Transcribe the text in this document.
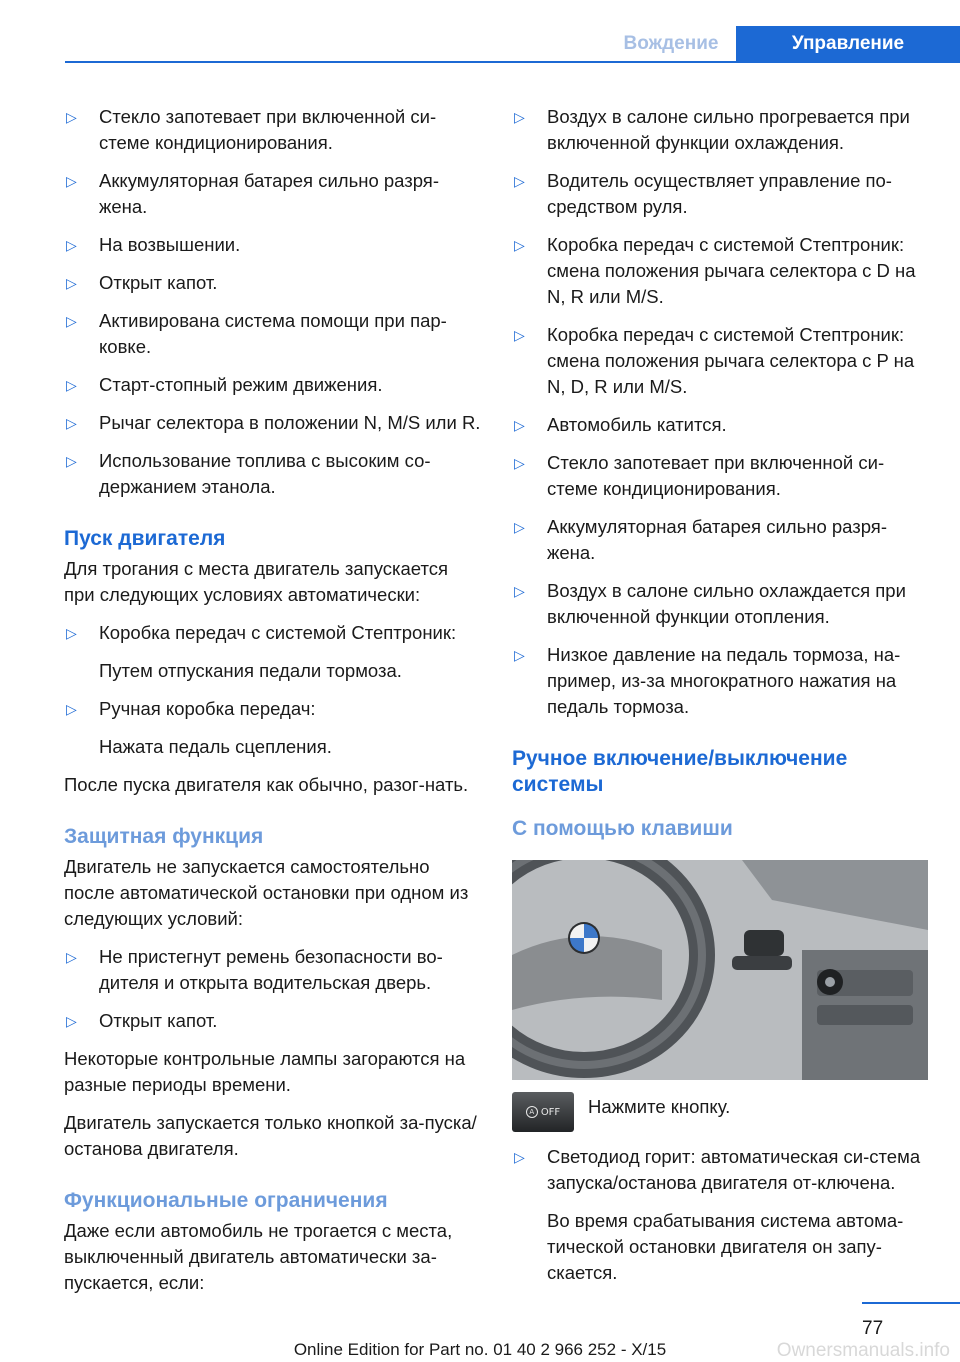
Вождение	Управление
▷ Стекло запотевает при включенной си-стеме кондиционирования.
▷ Аккумуляторная батарея сильно разря-жена.
▷ На возвышении.
▷ Открыт капот.
▷ Активирована система помощи при пар-ковке.
▷ Старт-стопный режим движения.
▷ Рычаг селектора в положении N, M/S или R.
▷ Использование топлива с высоким со-держанием этанола.
Пуск двигателя

Для трогания с места двигатель запускается при следующих условиях автоматически:

▷ Коробка передач с системой Стептроник:
Путем отпускания педали тормоза.
▷ Ручная коробка передач:
Нажата педаль сцепления.

После пуска двигателя как обычно, разог-нать.

Защитная функция

Двигатель не запускается самостоятельно после автоматической остановки при одном из следующих условий:

▷ Не пристегнут ремень безопасности во-дителя и открыта водительская дверь.
▷ Открыт капот.

Некоторые контрольные лампы загораются на разные периоды времени.

Двигатель запускается только кнопкой за-пуска/останова двигателя.

Функциональные ограничения

Даже если автомобиль не трогается с места, выключенный двигатель автоматически за-пускается, если:

▷ Воздух в салоне сильно прогревается при включенной функции охлаждения.
▷ Водитель осуществляет управление по-средством руля.
▷ Коробка передач с системой Стептроник: смена положения рычага селектора с D на N, R или M/S.
▷ Коробка передач с системой Стептроник: смена положения рычага селектора с P на N, D, R или M/S.
▷ Автомобиль катится.
▷ Стекло запотевает при включенной си-стеме кондиционирования.
▷ Аккумуляторная батарея сильно разря-жена.
▷ Воздух в салоне сильно охлаждается при включенной функции отопления.
▷ Низкое давление на педаль тормоза, на-пример, из-за многократного нажатия на педаль тормоза.
Ручное включение/выключение системы
С помощью клавиши
A OFF Нажмите кнопку.
▷ Светодиод горит: автоматическая си-стема запуска/останова двигателя от-ключена.
Во время срабатывания система автома-тической остановки двигателя он запу-скается.
77
Online Edition for Part no. 01 40 2 966 252 - X/15	Ownersmanuals.info
